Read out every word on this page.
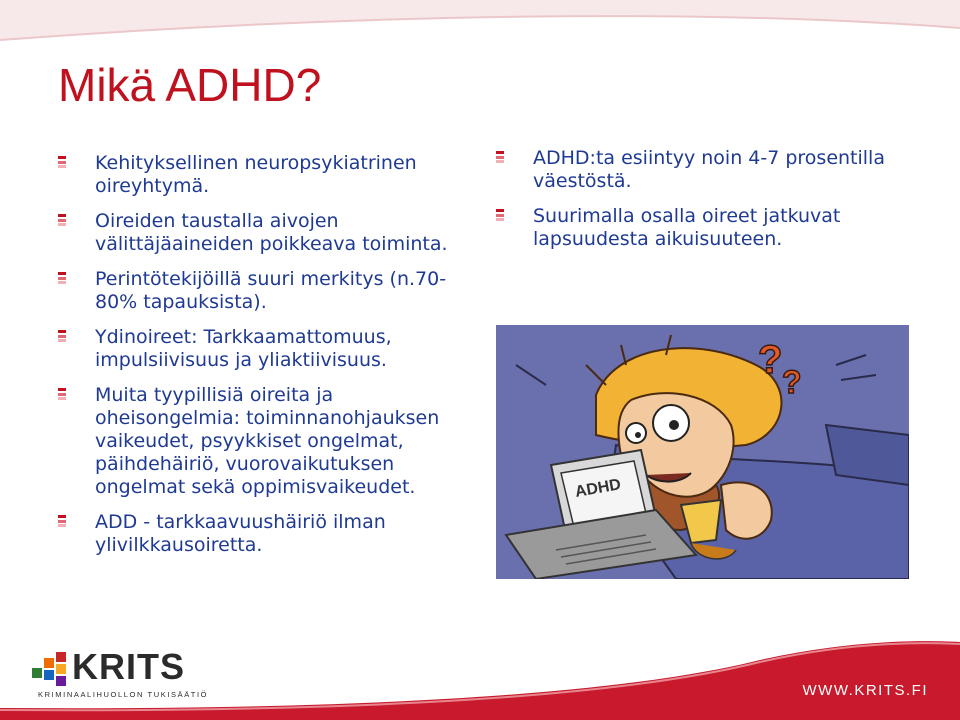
Mikä ADHD?
Kehityksellinen neuropsykiatrinen oireyhtymä.
Oireiden taustalla aivojen välittäjäaineiden poikkeava toiminta.
Perintötekijöillä suuri merkitys (n.70- 80% tapauksista).
Ydinoireet: Tarkkaamattomuus, impulsiivisuus ja yliaktiivisuus.
Muita tyypillisiä oireita ja oheisongelmia: toiminnanohjauksen vaikeudet, psyykkiset ongelmat, päihdehäiriö, vuorovaikutuksen ongelmat sekä oppimisvaikeudet.
ADD - tarkkaavuushäiriö ilman ylivilkkausoiretta.
ADHD:ta esiintyy noin 4-7 prosentilla väestöstä.
Suurimalla osalla oireet jatkuvat lapsuudesta aikuisuuteen.
ADHD
? ?
KRITS
KRIMINAALIHUOLLON TUKISÄÄTIÖ	WWW.KRITS.FI
